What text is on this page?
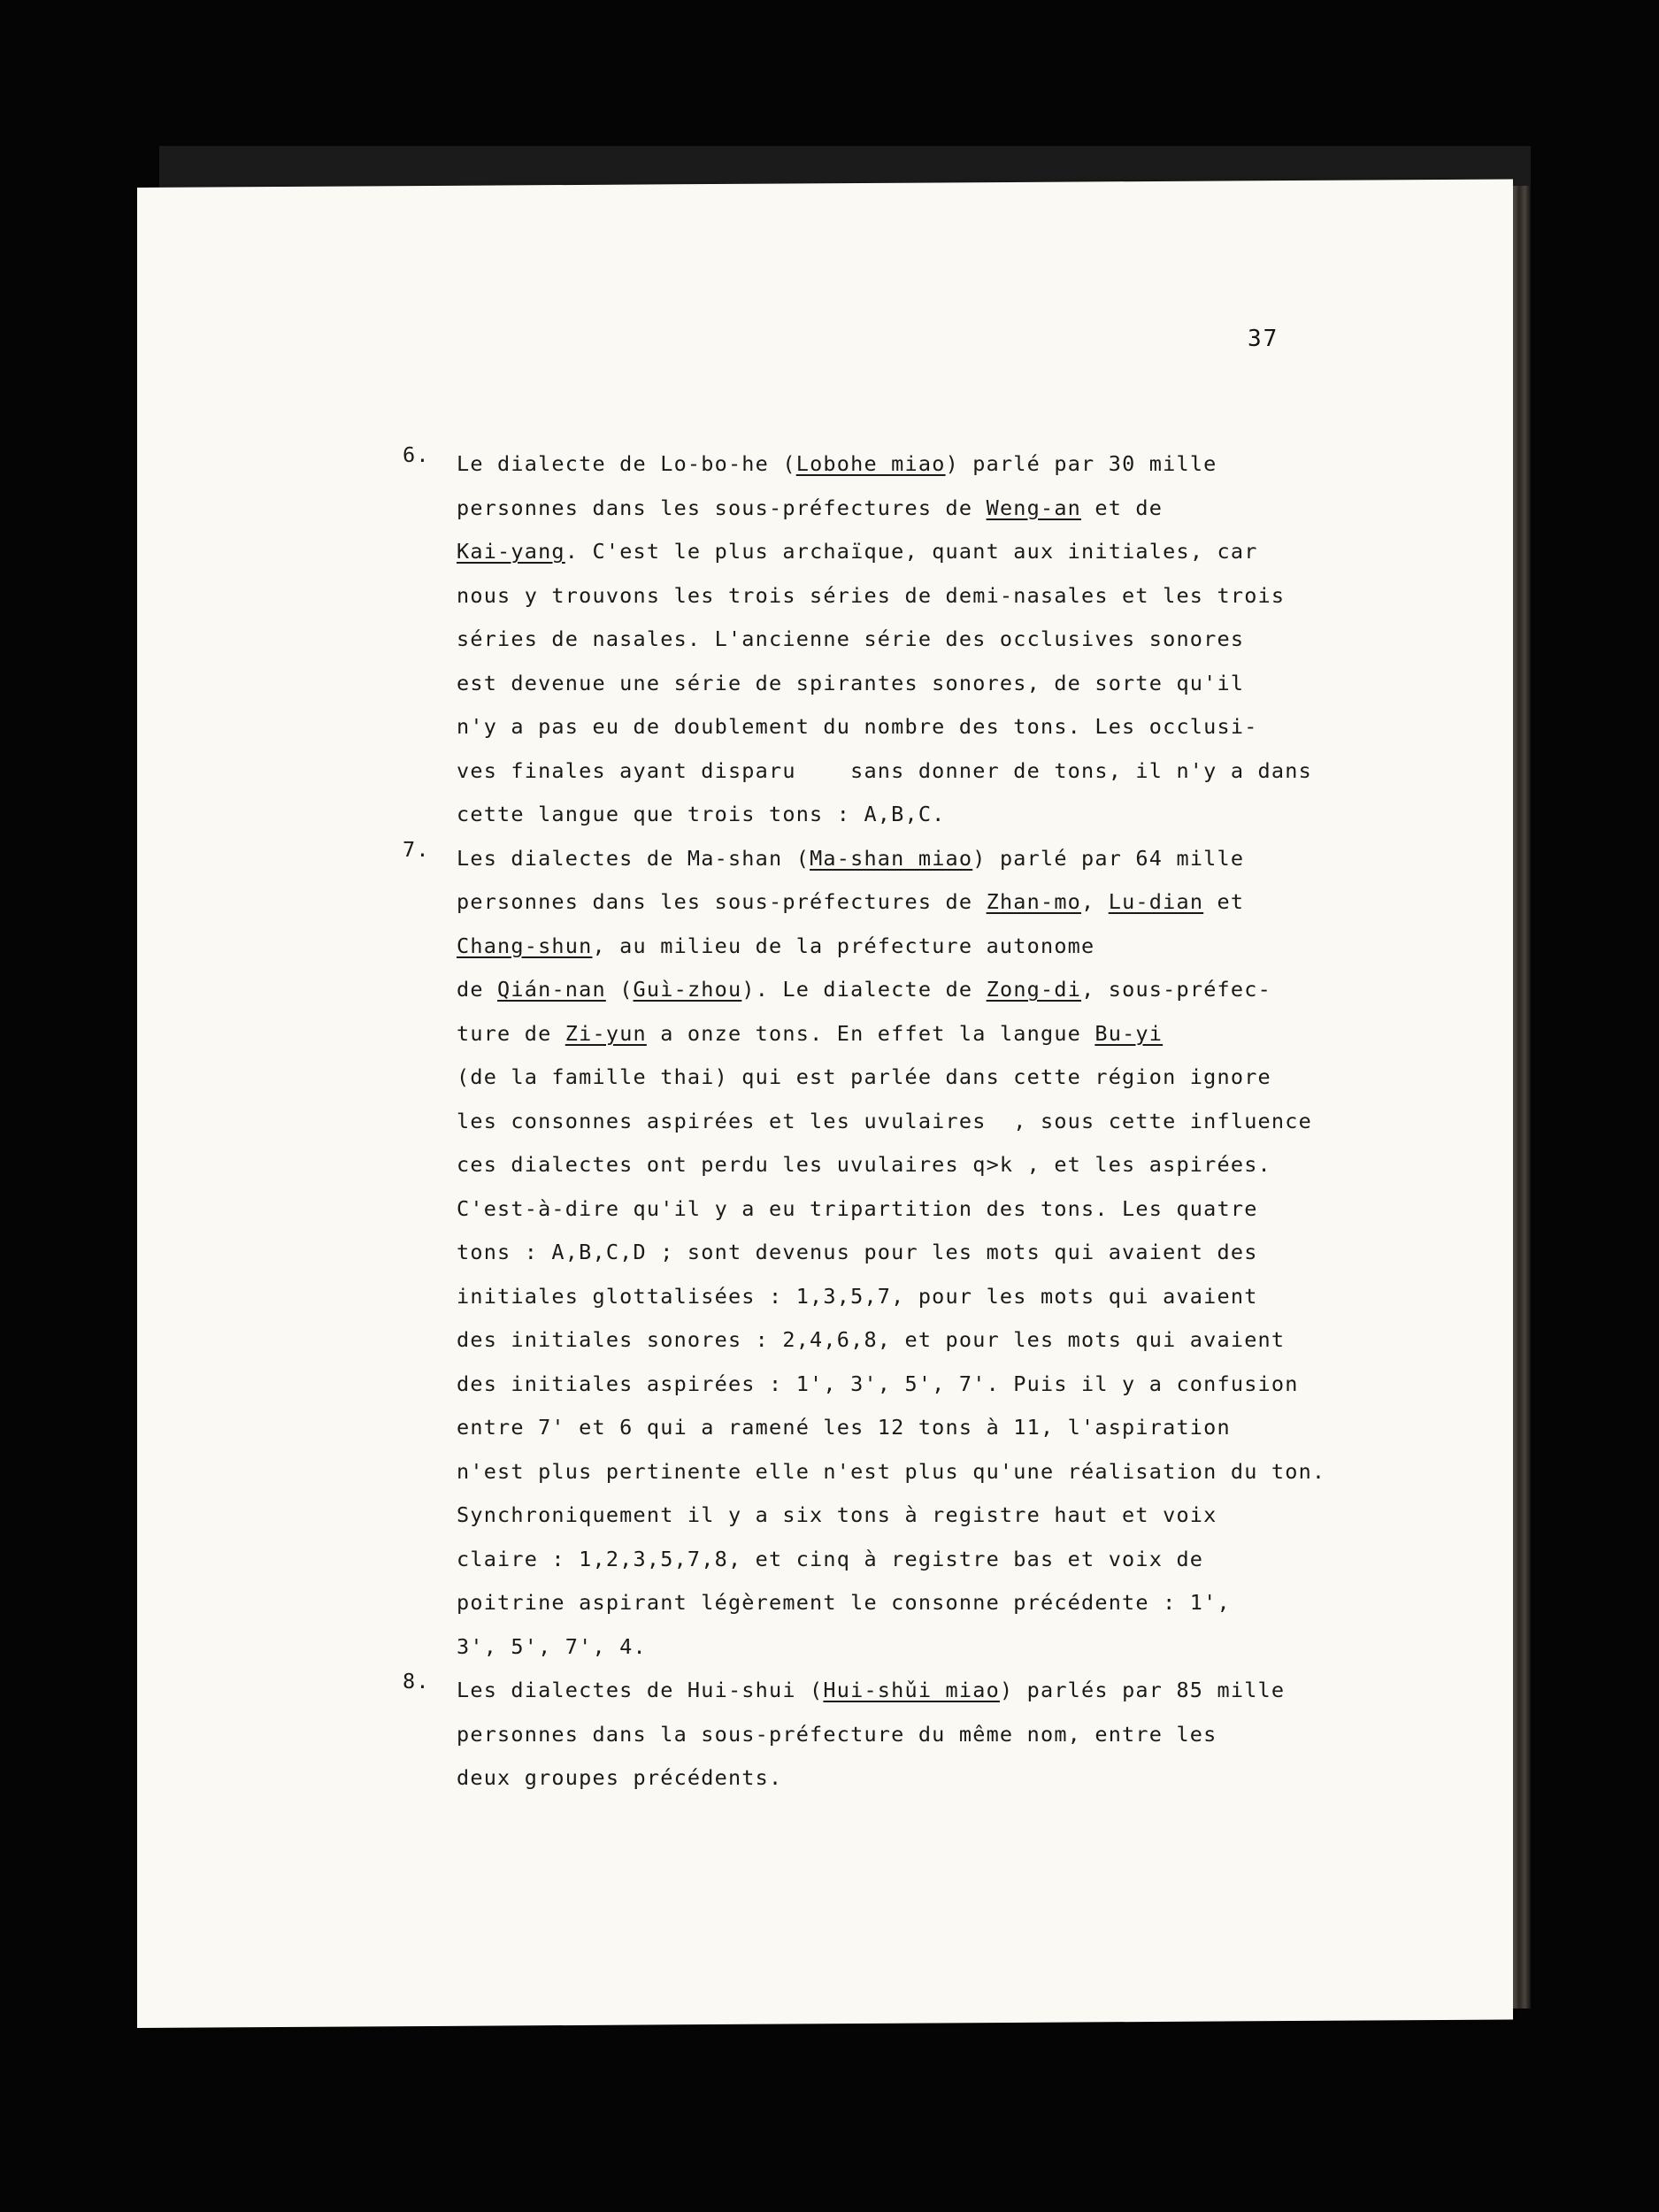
37
6.	Le dialecte de Lo-bo-he (Lobohe miao) parlé par 30 mille
personnes dans les sous-préfectures de Weng-an et de
Kai-yang. C'est le plus archaïque, quant aux initiales, car
nous y trouvons les trois séries de demi-nasales et les trois
séries de nasales. L'ancienne série des occlusives sonores
est devenue une série de spirantes sonores, de sorte qu'il
n'y a pas eu de doublement du nombre des tons. Les occlusi-
ves finales ayant disparu    sans donner de tons, il n'y a dans
cette langue que trois tons : A,B,C.
7.	Les dialectes de Ma-shan (Ma-shan miao) parlé par 64 mille
personnes dans les sous-préfectures de Zhan-mo, Lu-dian et
Chang-shun, au milieu de la préfecture autonome
de Qián-nan (Guì-zhou). Le dialecte de Zong-di, sous-préfec-
ture de Zi-yun a onze tons. En effet la langue Bu-yi
(de la famille thai) qui est parlée dans cette région ignore
les consonnes aspirées et les uvulaires  , sous cette influence
ces dialectes ont perdu les uvulaires q>k , et les aspirées.
C'est-à-dire qu'il y a eu tripartition des tons. Les quatre
tons : A,B,C,D ; sont devenus pour les mots qui avaient des
initiales glottalisées : 1,3,5,7, pour les mots qui avaient
des initiales sonores : 2,4,6,8, et pour les mots qui avaient
des initiales aspirées : 1', 3', 5', 7'. Puis il y a confusion
entre 7' et 6 qui a ramené les 12 tons à 11, l'aspiration
n'est plus pertinente elle n'est plus qu'une réalisation du ton.
Synchroniquement il y a six tons à registre haut et voix
claire : 1,2,3,5,7,8, et cinq à registre bas et voix de
poitrine aspirant légèrement le consonne précédente : 1',
3', 5', 7', 4.
8.	Les dialectes de Hui-shui (Hui-shǔi miao) parlés par 85 mille
personnes dans la sous-préfecture du même nom, entre les
deux groupes précédents.
